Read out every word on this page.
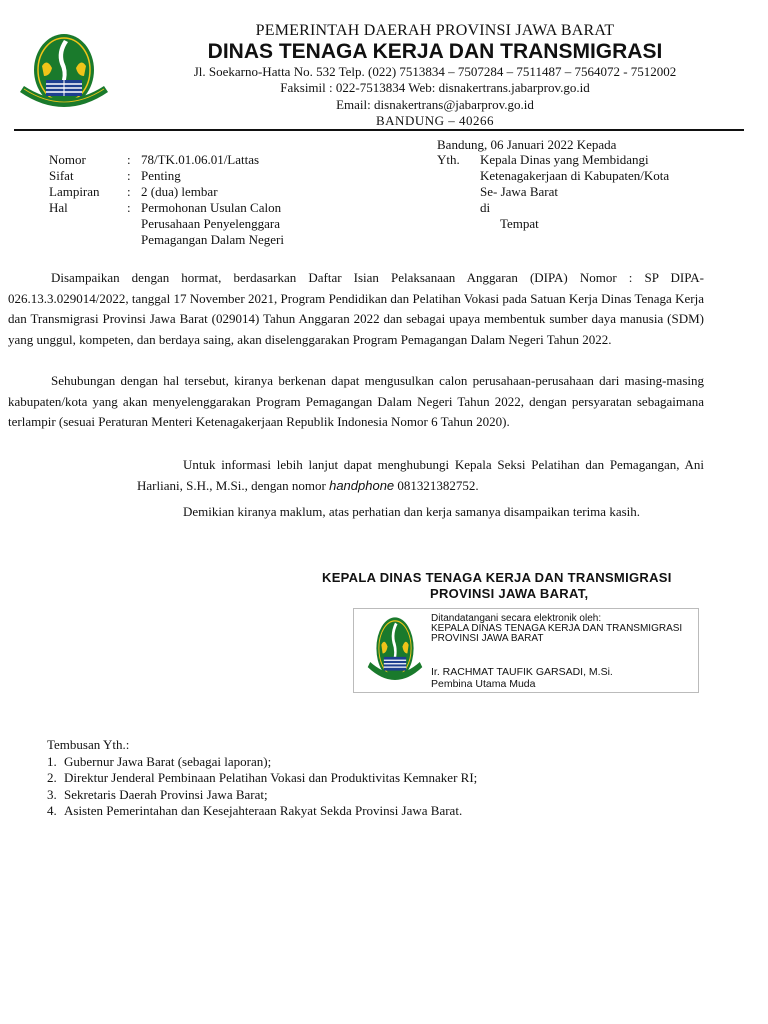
PEMERINTAH DAERAH PROVINSI JAWA BARAT
DINAS TENAGA KERJA DAN TRANSMIGRASI
Jl. Soekarno-Hatta No. 532 Telp. (022) 7513834 – 7507284 – 7511487 – 7564072 - 7512002
Faksimil : 022-7513834 Web: disnakertrans.jabarprov.go.id
Email: disnakertrans@jabarprov.go.id
BANDUNG – 40266
Bandung, 06 Januari 2022 Kepada
Nomor	: 78/TK.01.06.01/Lattas
Sifat	: Penting
Lampiran : 2 (dua) lembar
Hal	: Permohonan Usulan Calon
Perusahaan Penyelenggara
Pemagangan Dalam Negeri
Yth. Kepala Dinas yang Membidangi
Ketenagakerjaan di Kabupaten/Kota
Se- Jawa Barat
di
Tempat

Disampaikan dengan hormat, berdasarkan Daftar Isian Pelaksanaan Anggaran (DIPA) Nomor : SP DIPA-026.13.3.029014/2022, tanggal 17 November 2021, Program Pendidikan dan Pelatihan Vokasi pada Satuan Kerja Dinas Tenaga Kerja dan Transmigrasi Provinsi Jawa Barat (029014) Tahun Anggaran 2022 dan sebagai upaya membentuk sumber daya manusia (SDM) yang unggul, kompeten, dan berdaya saing, akan diselenggarakan Program Pemagangan Dalam Negeri Tahun 2022.

Sehubungan dengan hal tersebut, kiranya berkenan dapat mengusulkan calon perusahaan-perusahaan dari masing-masing kabupaten/kota yang akan menyelenggarakan Program Pemagangan Dalam Negeri Tahun 2022, dengan persyaratan sebagaimana terlampir (sesuai Peraturan Menteri Ketenagakerjaan Republik Indonesia Nomor 6 Tahun 2020).

Untuk informasi lebih lanjut dapat menghubungi Kepala Seksi Pelatihan dan Pemagangan, Ani Harliani, S.H., M.Si., dengan nomor handphone 081321382752.

Demikian kiranya maklum, atas perhatian dan kerja samanya disampaikan terima kasih.

KEPALA DINAS TENAGA KERJA DAN TRANSMIGRASI
PROVINSI JAWA BARAT,
Ditandatangani secara elektronik oleh:
KEPALA DINAS TENAGA KERJA DAN TRANSMIGRASI
PROVINSI JAWA BARAT
Ir. RACHMAT TAUFIK GARSADI, M.Si.
Pembina Utama Muda
Tembusan Yth.:
1. Gubernur Jawa Barat (sebagai laporan);
2. Direktur Jenderal Pembinaan Pelatihan Vokasi dan Produktivitas Kemnaker RI;
3. Sekretaris Daerah Provinsi Jawa Barat;
4. Asisten Pemerintahan dan Kesejahteraan Rakyat Sekda Provinsi Jawa Barat.
